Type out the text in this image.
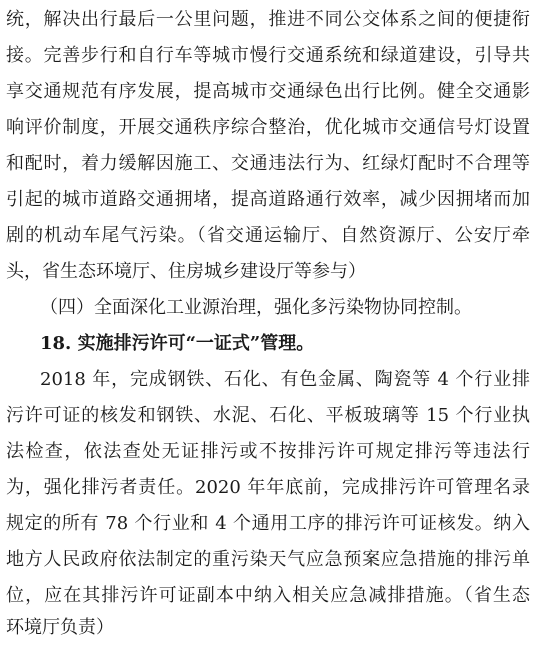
统，解决出行最后一公里问题，推进不同公交体系之间的便捷衔
接。完善步行和自行车等城市慢行交通系统和绿道建设，引导共
享交通规范有序发展，提高城市交通绿色出行比例。健全交通影
响评价制度，开展交通秩序综合整治，优化城市交通信号灯设置
和配时，着力缓解因施工、交通违法行为、红绿灯配时不合理等
引起的城市道路交通拥堵，提高道路通行效率，减少因拥堵而加
剧的机动车尾气污染。（省交通运输厅、自然资源厅、公安厅牵
头，省生态环境厅、住房城乡建设厅等参与）
（四）全面深化工业源治理，强化多污染物协同控制。
18. 实施排污许可“一证式”管理。
2018 年，完成钢铁、石化、有色金属、陶瓷等 4 个行业排
污许可证的核发和钢铁、水泥、石化、平板玻璃等 15 个行业执
法检查，依法查处无证排污或不按排污许可规定排污等违法行
为，强化排污者责任。2020 年年底前，完成排污许可管理名录
规定的所有 78 个行业和 4 个通用工序的排污许可证核发。纳入
地方人民政府依法制定的重污染天气应急预案应急措施的排污单
位，应在其排污许可证副本中纳入相关应急减排措施。（省生态
环境厅负责）
